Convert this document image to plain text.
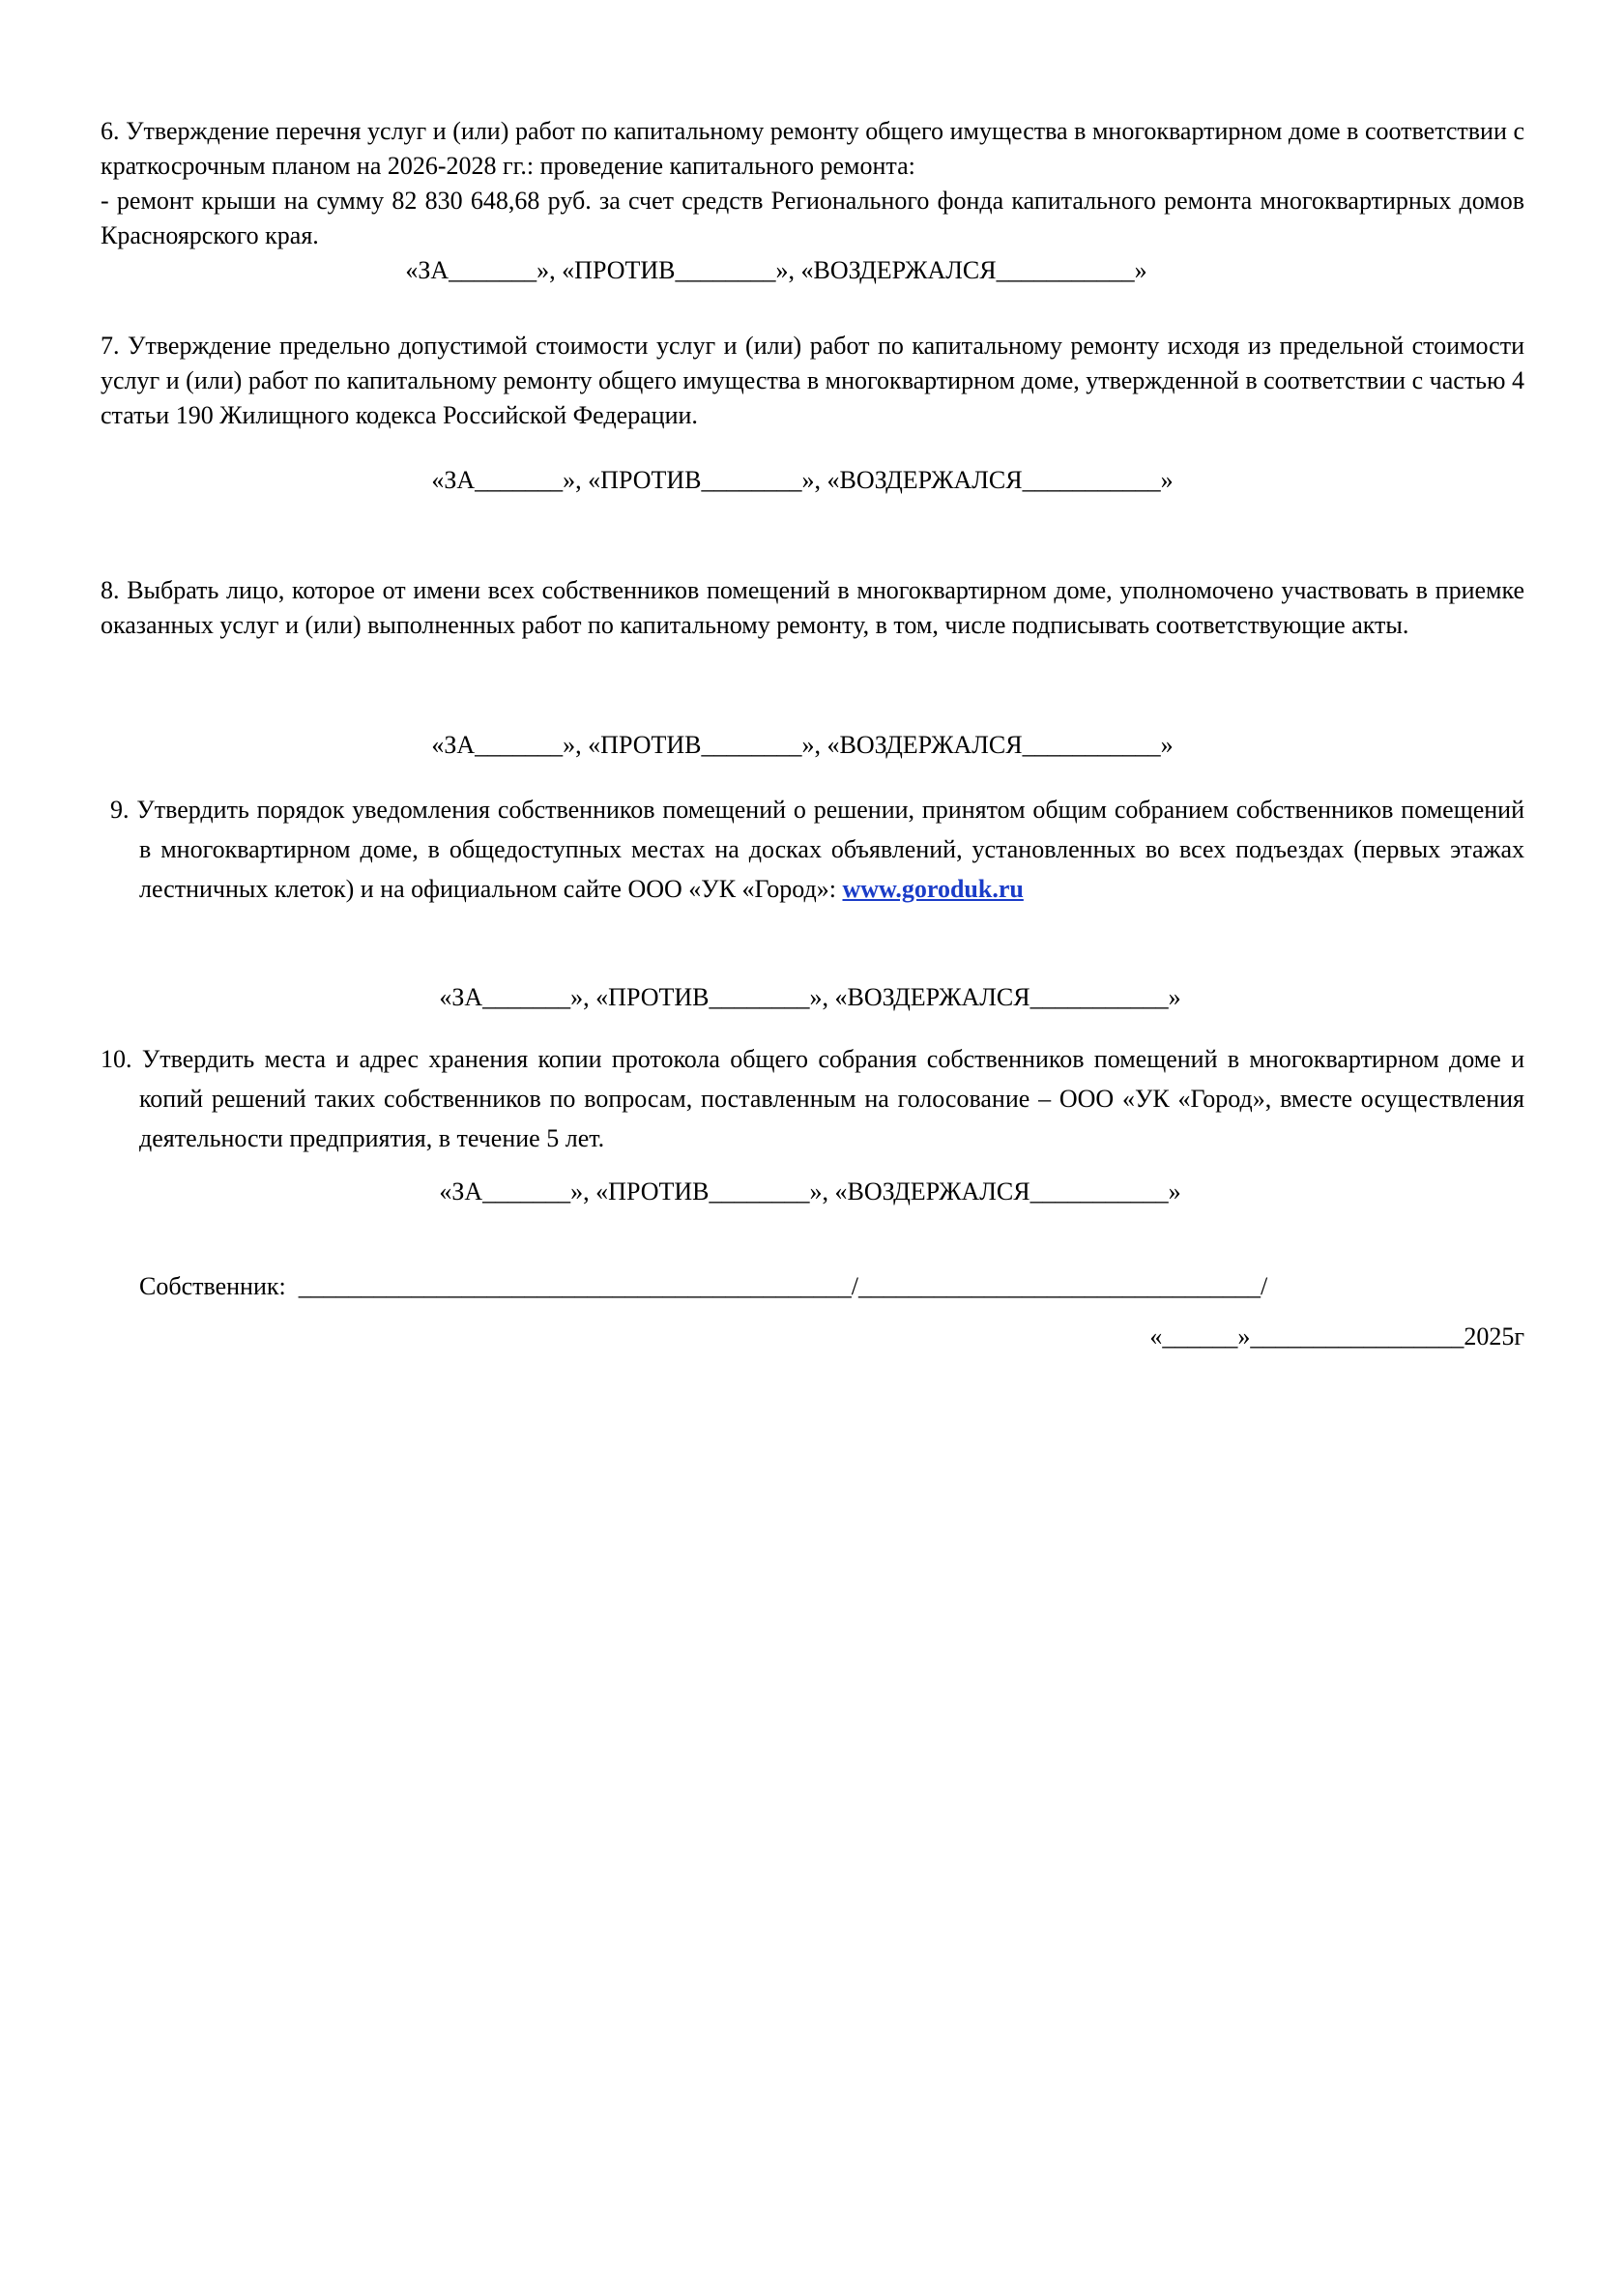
6. Утверждение перечня услуг и (или) работ по капитальному ремонту общего имущества в многоквартирном доме в соответствии с краткосрочным планом на 2026-2028 гг.: проведение капитального ремонта:

- ремонт крыши на сумму 82 830 648,68 руб. за счет средств Регионального фонда капитального ремонта многоквартирных домов Красноярского края.

«ЗА_______», «ПРОТИВ________», «ВОЗДЕРЖАЛСЯ___________»

7. Утверждение предельно допустимой стоимости услуг и (или) работ по капитальному ремонту исходя из предельной стоимости услуг и (или) работ по капитальному ремонту общего имущества в многоквартирном доме, утвержденной в соответствии с частью 4 статьи 190 Жилищного кодекса Российской Федерации.

«ЗА_______», «ПРОТИВ________», «ВОЗДЕРЖАЛСЯ___________»

8. Выбрать лицо, которое от имени всех собственников помещений в многоквартирном доме, уполномочено участвовать в приемке оказанных услуг и (или) выполненных работ по капитальному ремонту, в том, числе подписывать соответствующие акты.

«ЗА_______», «ПРОТИВ________», «ВОЗДЕРЖАЛСЯ___________»

9. Утвердить порядок уведомления собственников помещений о решении, принятом общим собранием собственников помещений в многоквартирном доме, в общедоступных местах на досках объявлений, установленных во всех подъездах (первых этажах лестничных клеток) и на официальном сайте ООО «УК «Город»: www.goroduk.ru

«ЗА_______», «ПРОТИВ________», «ВОЗДЕРЖАЛСЯ___________»

10. Утвердить места и адрес хранения копии протокола общего собрания собственников помещений в многоквартирном доме и копий решений таких собственников по вопросам, поставленным на голосование – ООО «УК «Город», вместе осуществления деятельности предприятия, в течение 5 лет.

«ЗА_______», «ПРОТИВ________», «ВОЗДЕРЖАЛСЯ___________»
Собственник:  ____________________________________________/________________________________/
«______»_________________2025г
